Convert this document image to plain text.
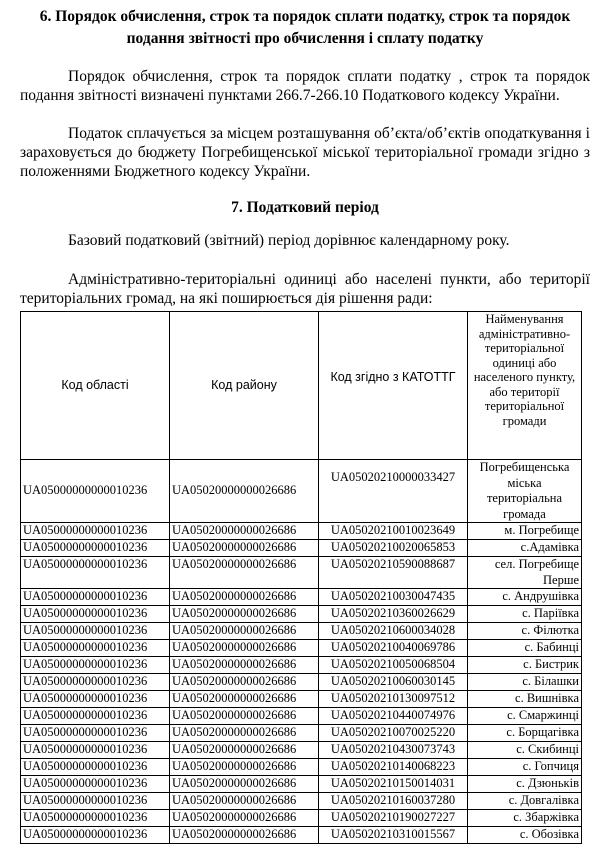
6. Порядок обчислення, строк та порядок сплати податку, строк та порядок

подання звітності про обчислення і сплату податку

Порядок обчислення, строк та порядок сплати податку , строк та порядок подання звітності визначені пунктами 266.7-266.10 Податкового кодексу України.

Податок сплачується за місцем розташування об’єкта/об’єктів оподаткування і зараховується до бюджету Погребищенської міської територіальної громади згідно з положеннями Бюджетного кодексу України.

7. Податковий період

Базовий податковий (звітний) період дорівнює календарному року.

Адміністративно-територіальні одиниці або населені пункти, або території територіальних громад, на які поширюється дія рішення ради:

Код області	Код району	Код згідно з КАТОТТГ	Найменування адміністративно-територіальної одиниці або населеного пункту, або території територіальної громади
UA05000000000010236	UA05020000000026686	UA05020210000033427	Погребищенська міська територіальна громада
UA05000000000010236	UA05020000000026686	UA05020210010023649	м. Погребище
UA05000000000010236	UA05020000000026686	UA05020210020065853	с.Адамівка
UA05000000000010236	UA05020000000026686	UA05020210590088687	сел. Погребище Перше
UA05000000000010236	UA05020000000026686	UA05020210030047435	с. Андрушівка
UA05000000000010236	UA05020000000026686	UA05020210360026629	с. Паріївка
UA05000000000010236	UA05020000000026686	UA05020210600034028	с. Філютка
UA05000000000010236	UA05020000000026686	UA05020210040069786	с. Бабинці
UA05000000000010236	UA05020000000026686	UA05020210050068504	с. Бистрик
UA05000000000010236	UA05020000000026686	UA05020210060030145	с. Білашки
UA05000000000010236	UA05020000000026686	UA05020210130097512	с. Вишнівка
UA05000000000010236	UA05020000000026686	UA05020210440074976	с. Смаржинці
UA05000000000010236	UA05020000000026686	UA05020210070025220	с. Борщагівка
UA05000000000010236	UA05020000000026686	UA05020210430073743	с. Скибинці
UA05000000000010236	UA05020000000026686	UA05020210140068223	с. Гопчиця
UA05000000000010236	UA05020000000026686	UA05020210150014031	с. Дзюньків
UA05000000000010236	UA05020000000026686	UA05020210160037280	с. Довгалівка
UA05000000000010236	UA05020000000026686	UA05020210190027227	с. Збаржівка
UA05000000000010236	UA05020000000026686	UA05020210310015567	с. Обозівка
